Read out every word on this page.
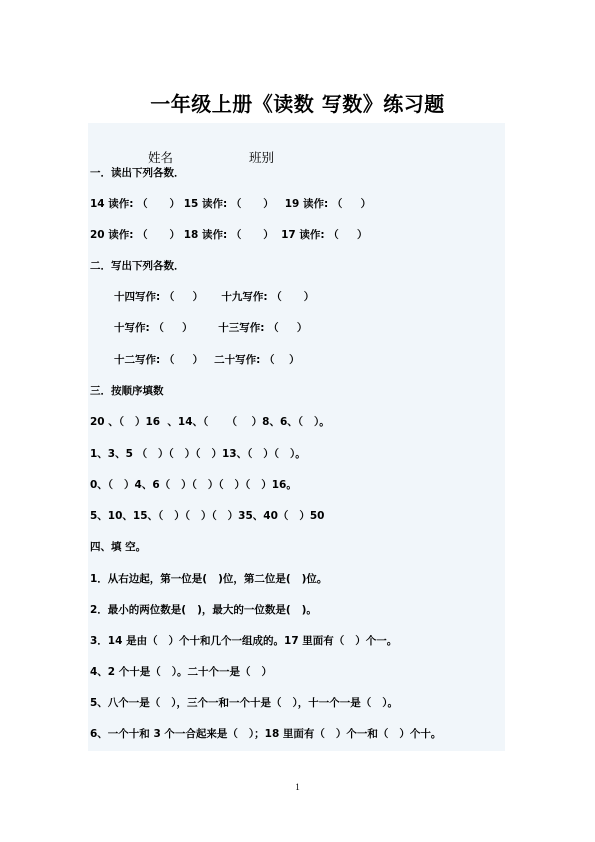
一年级上册《读数 写数》练习题

姓名	班别

一．读出下列各数．
14 读作: （      ） 15 读作: （      ）   19 读作: （     ）
20 读作: （      ） 18 读作: （      ）  17 读作: （     ）
二．写出下列各数．
十四写作: （     ）     十九写作: （      ）
十写作: （     ）       十三写作: （     ）
十二写作: （     ）   二十写作: （    ）
三．按顺序填数
20 、（   ）16  、14、（     （    ）8、6、（   ）。
1、3、5 （   ）（   ）（   ）13、（   ）（   ）。
0、（   ）4、6（   ）（   ）（   ）（   ）16。
5、10、15、（   ）（   ）（   ）35、40（   ）50
四、填 空。
1．从右边起，第一位是(   )位，第二位是(   )位。
2．最小的两位数是(   )，最大的一位数是(   )。
3．14 是由（   ）个十和几个一组成的。17 里面有（   ）个一。
4、2 个十是（   ）。二十个一是（   ）
5、八个一是（   ），三个一和一个十是（   ），十一个一是（   ）。
6、一个十和 3 个一合起来是（   ）；18 里面有（   ）个一和（   ）个十。
1
